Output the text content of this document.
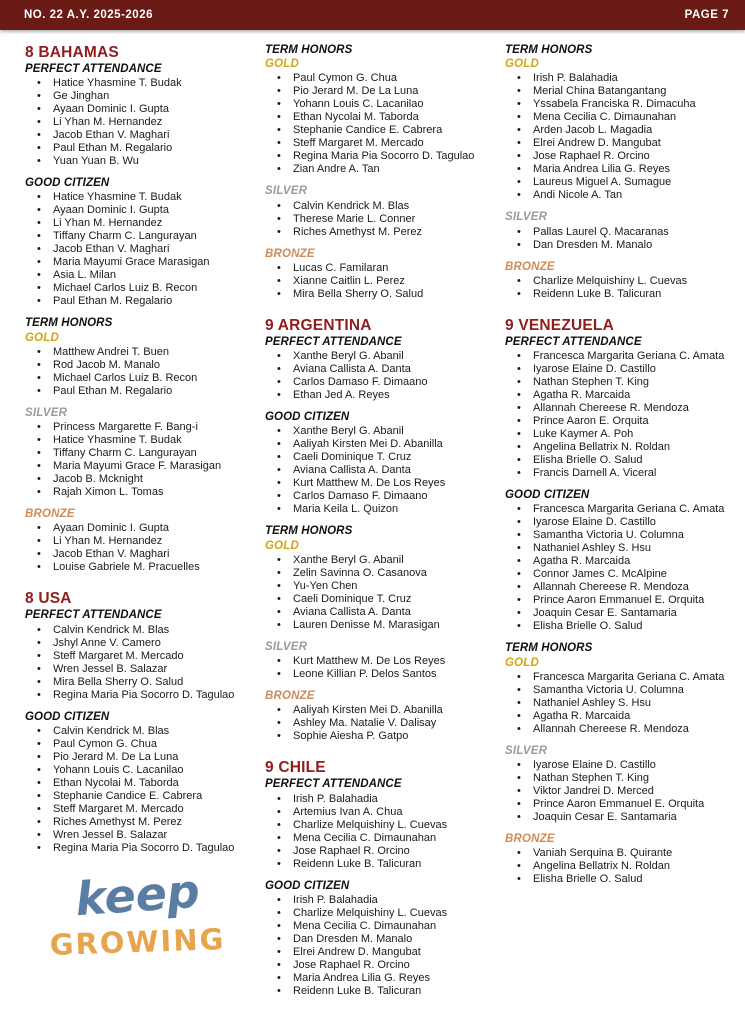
NO. 22 A.Y. 2025-2026	PAGE 7
8 BAHAMAS
PERFECT ATTENDANCE
•	Hatice Yhasmine T. Budak
•	Ge Jinghan
•	Ayaan Dominic I. Gupta
•	Li Yhan M. Hernandez
•	Jacob Ethan V. Maghari
•	Paul Ethan M. Regalario
•	Yuan Yuan B. Wu
GOOD CITIZEN
•	Hatice Yhasmine T. Budak
•	Ayaan Dominic I. Gupta
•	Li Yhan M. Hernandez
•	Tiffany Charm C. Langurayan
•	Jacob Ethan V. Maghari
•	Maria Mayumi Grace Marasigan
•	Asia L. Milan
•	Michael Carlos Luiz B. Recon
•	Paul Ethan M. Regalario
TERM HONORS
GOLD
•	Matthew Andrei T. Buen
•	Rod Jacob M. Manalo
•	Michael Carlos Luiz B. Recon
•	Paul Ethan M. Regalario
SILVER
•	Princess Margarette F. Bang-i
•	Hatice Yhasmine T. Budak
•	Tiffany Charm C. Langurayan
•	Maria Mayumi Grace F. Marasigan
•	Jacob B. Mcknight
•	Rajah Ximon L. Tomas
BRONZE
•	Ayaan Dominic I. Gupta
•	Li Yhan M. Hernandez
•	Jacob Ethan V. Maghari
•	Louise Gabriele M. Pracuelles
8 USA
PERFECT ATTENDANCE
•	Calvin Kendrick M. Blas
•	Jshyl Anne V. Camero
•	Steff Margaret M. Mercado
•	Wren Jessel B. Salazar
•	Mira Bella Sherry O. Salud
•	Regina Maria Pia Socorro D. Tagulao
GOOD CITIZEN
•	Calvin Kendrick M. Blas
•	Paul Cymon G. Chua
•	Pio Jerard M. De La Luna
•	Yohann Louis C. Lacanilao
•	Ethan Nycolai M. Taborda
•	Stephanie Candice E. Cabrera
•	Steff Margaret M. Mercado
•	Riches Amethyst M. Perez
•	Wren Jessel B. Salazar
•	Regina Maria Pia Socorro D. Tagulao
keep
GROWING
TERM HONORS
GOLD
•	Paul Cymon G. Chua
•	Pio Jerard M. De La Luna
•	Yohann Louis C. Lacanilao
•	Ethan Nycolai M. Taborda
•	Stephanie Candice E. Cabrera
•	Steff Margaret M. Mercado
•	Regina Maria Pia Socorro D. Tagulao
•	Zian Andre A. Tan
SILVER
•	Calvin Kendrick M. Blas
•	Therese Marie L. Conner
•	Riches Amethyst M. Perez
BRONZE
•	Lucas C. Familaran
•	Xianne Caitlin L. Perez
•	Mira Bella Sherry O. Salud
9 ARGENTINA
PERFECT ATTENDANCE
•	Xanthe Beryl G. Abanil
•	Aviana Callista A. Danta
•	Carlos Damaso F. Dimaano
•	Ethan Jed A. Reyes
GOOD CITIZEN
•	Xanthe Beryl G. Abanil
•	Aaliyah Kirsten Mei D. Abanilla
•	Caeli Dominique T. Cruz
•	Aviana Callista A. Danta
•	Kurt Matthew M. De Los Reyes
•	Carlos Damaso F. Dimaano
•	Maria Keila L. Quizon
TERM HONORS
GOLD
•	Xanthe Beryl G. Abanil
•	Zelin Savinna O. Casanova
•	Yu-Yen Chen
•	Caeli Dominique T. Cruz
•	Aviana Callista A. Danta
•	Lauren Denisse M. Marasigan
SILVER
•	Kurt Matthew M. De Los Reyes
•	Leone Killian P. Delos Santos
BRONZE
•	Aaliyah Kirsten Mei D. Abanilla
•	Ashley Ma. Natalie V. Dalisay
•	Sophie Aiesha P. Gatpo
9 CHILE
PERFECT ATTENDANCE
•	Irish P. Balahadia
•	Artemius Ivan A. Chua
•	Charlize Melquishiny L. Cuevas
•	Mena Cecilia C. Dimaunahan
•	Jose Raphael R. Orcino
•	Reidenn Luke B. Talicuran
GOOD CITIZEN
•	Irish P. Balahadia
•	Charlize Melquishiny L. Cuevas
•	Mena Cecilia C. Dimaunahan
•	Dan Dresden M. Manalo
•	Elrei Andrew D. Mangubat
•	Jose Raphael R. Orcino
•	Maria Andrea Lilia G. Reyes
•	Reidenn Luke B. Talicuran
TERM HONORS
GOLD
•	Irish P. Balahadia
•	Merial China Batangantang
•	Yssabela Franciska R. Dimacuha
•	Mena Cecilia C. Dimaunahan
•	Arden Jacob L. Magadia
•	Elrei Andrew D. Mangubat
•	Jose Raphael R. Orcino
•	Maria Andrea Lilia G. Reyes
•	Laureus Miguel A. Sumague
•	Andi Nicole A. Tan
SILVER
•	Pallas Laurel Q. Macaranas
•	Dan Dresden M. Manalo
BRONZE
•	Charlize Melquishiny L. Cuevas
•	Reidenn Luke B. Talicuran
9 VENEZUELA
PERFECT ATTENDANCE
•	Francesca Margarita Geriana C. Amata
•	Iyarose Elaine D. Castillo
•	Nathan Stephen T. King
•	Agatha R. Marcaida
•	Allannah Chereese R. Mendoza
•	Prince Aaron E. Orquita
•	Luke Kaymer A. Poh
•	Angelina Bellatrix N. Roldan
•	Elisha Brielle O. Salud
•	Francis Darnell A. Viceral
GOOD CITIZEN
•	Francesca Margarita Geriana C. Amata
•	Iyarose Elaine D. Castillo
•	Samantha Victoria U. Columna
•	Nathaniel Ashley S. Hsu
•	Agatha R. Marcaida
•	Connor James C. McAlpine
•	Allannah Chereese R. Mendoza
•	Prince Aaron Emmanuel E. Orquita
•	Joaquin Cesar E. Santamaria
•	Elisha Brielle O. Salud
TERM HONORS
GOLD
•	Francesca Margarita Geriana C. Amata
•	Samantha Victoria U. Columna
•	Nathaniel Ashley S. Hsu
•	Agatha R. Marcaida
•	Allannah Chereese R. Mendoza
SILVER
•	Iyarose Elaine D. Castillo
•	Nathan Stephen T. King
•	Viktor Jandrei D. Merced
•	Prince Aaron Emmanuel E. Orquita
•	Joaquin Cesar E. Santamaria
BRONZE
•	Vaniah Serquina B. Quirante
•	Angelina Bellatrix N. Roldan
•	Elisha Brielle O. Salud
